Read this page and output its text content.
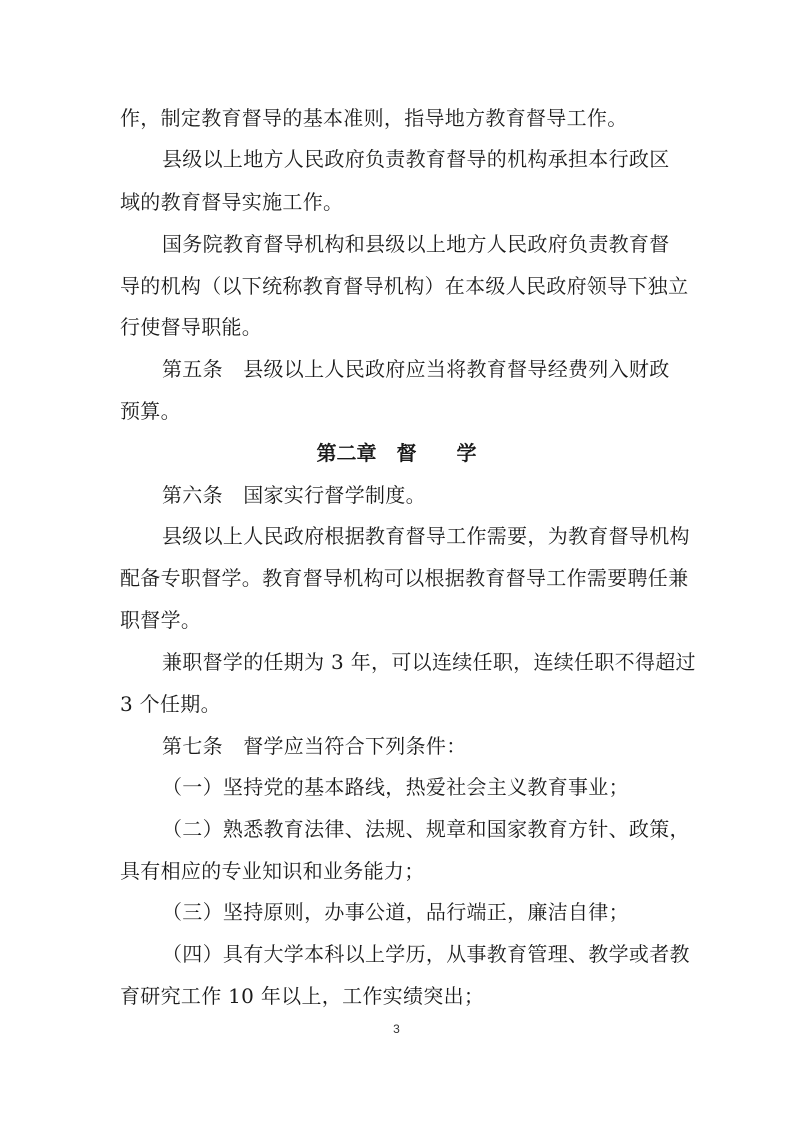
作，制定教育督导的基本准则，指导地方教育督导工作。
县级以上地方人民政府负责教育督导的机构承担本行政区
域的教育督导实施工作。
国务院教育督导机构和县级以上地方人民政府负责教育督
导的机构（以下统称教育督导机构）在本级人民政府领导下独立
行使督导职能。
第五条　县级以上人民政府应当将教育督导经费列入财政
预算。
第二章　督　　学
第六条　国家实行督学制度。
县级以上人民政府根据教育督导工作需要，为教育督导机构
配备专职督学。教育督导机构可以根据教育督导工作需要聘任兼
职督学。
兼职督学的任期为 3 年，可以连续任职，连续任职不得超过
3 个任期。
第七条　督学应当符合下列条件：
（一）坚持党的基本路线，热爱社会主义教育事业；
（二）熟悉教育法律、法规、规章和国家教育方针、政策，
具有相应的专业知识和业务能力；
（三）坚持原则，办事公道，品行端正，廉洁自律；
（四）具有大学本科以上学历，从事教育管理、教学或者教
育研究工作 10 年以上，工作实绩突出；
3
